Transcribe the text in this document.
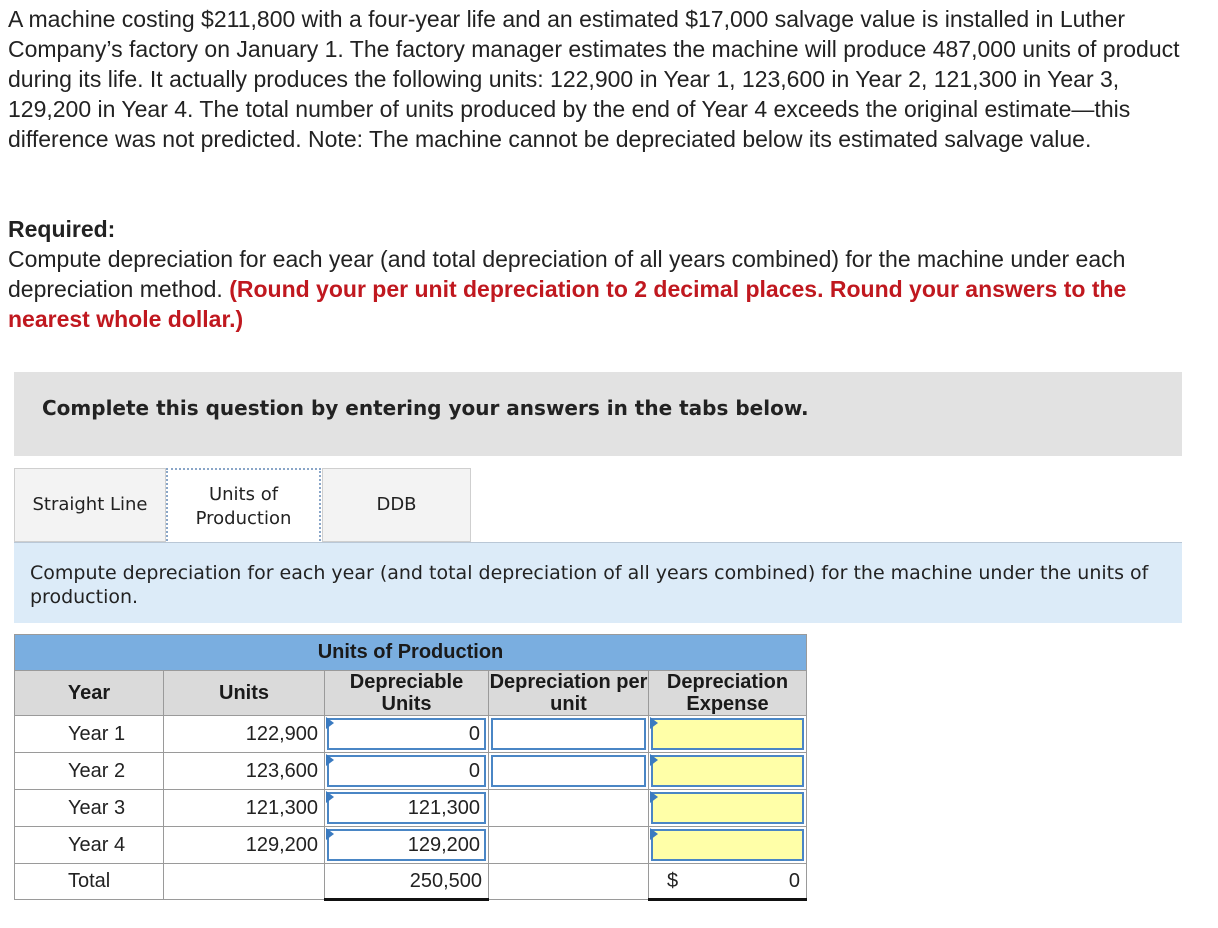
A machine costing $211,800 with a four-year life and an estimated $17,000 salvage value is installed in Luther Company’s factory on January 1. The factory manager estimates the machine will produce 487,000 units of product during its life. It actually produces the following units: 122,900 in Year 1, 123,600 in Year 2, 121,300 in Year 3, 129,200 in Year 4. The total number of units produced by the end of Year 4 exceeds the original estimate—this difference was not predicted. Note: The machine cannot be depreciated below its estimated salvage value.
Required:
Compute depreciation for each year (and total depreciation of all years combined) for the machine under each depreciation method. (Round your per unit depreciation to 2 decimal places. Round your answers to the nearest whole dollar.)
Complete this question by entering your answers in the tabs below.
Straight Line	Units of Production
DDB
Compute depreciation for each year (and total depreciation of all years combined) for the machine under the units of production.
Units of Production				
Year	Units	Depreciable Units	Depreciation per unit	Depreciation Expense
Year 1	122,900	0		

Year 2	123,600	0		

Year 3	121,300	121,300		

Year 4	129,200	129,200		

Total		250,500		$ 0
